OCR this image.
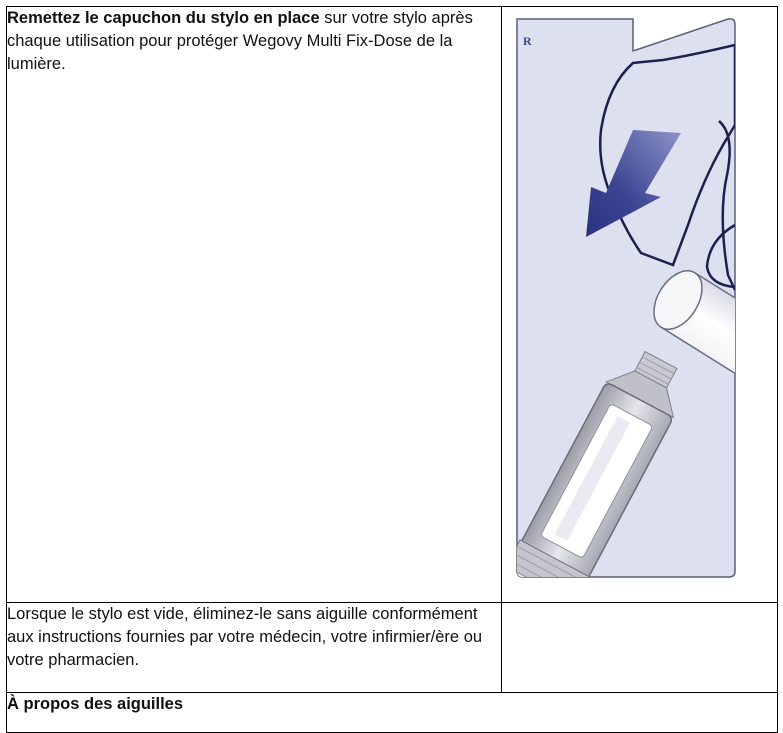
Remettez le capuchon du stylo en place sur votre stylo après chaque utilisation pour protéger Wegovy Multi Fix-Dose de la lumière.	R

Lorsque le stylo est vide, éliminez-le sans aiguille conformément aux instructions fournies par votre médecin, votre infirmier/ère ou votre pharmacien.	
À propos des aiguilles	
